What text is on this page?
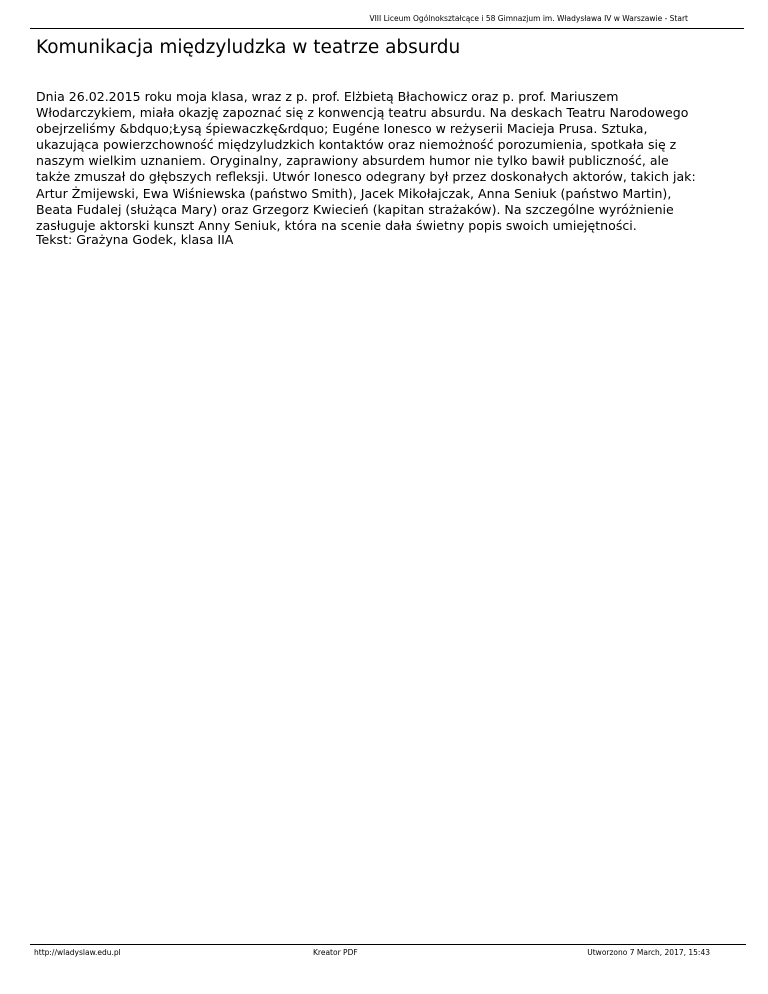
VIII Liceum Ogólnokształcące i 58 Gimnazjum im. Władysława IV w Warszawie - Start
Komunikacja międzyludzka w teatrze absurdu
Dnia 26.02.2015 roku moja klasa, wraz z p. prof. Elżbietą Błachowicz oraz p. prof. Mariuszem
Włodarczykiem, miała okazję zapoznać się z konwencją teatru absurdu. Na deskach Teatru Narodowego
obejrzeliśmy &bdquo;Łysą śpiewaczkę&rdquo; Eugéne Ionesco w reżyserii Macieja Prusa. Sztuka,
ukazująca powierzchowność międzyludzkich kontaktów oraz niemożność porozumienia, spotkała się z
naszym wielkim uznaniem. Oryginalny, zaprawiony absurdem humor nie tylko bawił publiczność, ale
także zmuszał do głębszych refleksji. Utwór Ionesco odegrany był przez doskonałych aktorów, takich jak:
Artur Żmijewski, Ewa Wiśniewska (państwo Smith), Jacek Mikołajczak, Anna Seniuk (państwo Martin),
Beata Fudalej (służąca Mary) oraz Grzegorz Kwiecień (kapitan strażaków). Na szczególne wyróżnienie
zasługuje aktorski kunszt Anny Seniuk, która na scenie dała świetny popis swoich umiejętności.

Tekst: Grażyna Godek, klasa IIA

http://wladyslaw.edu.pl	Kreator PDF	Utworzono 7 March, 2017, 15:43
